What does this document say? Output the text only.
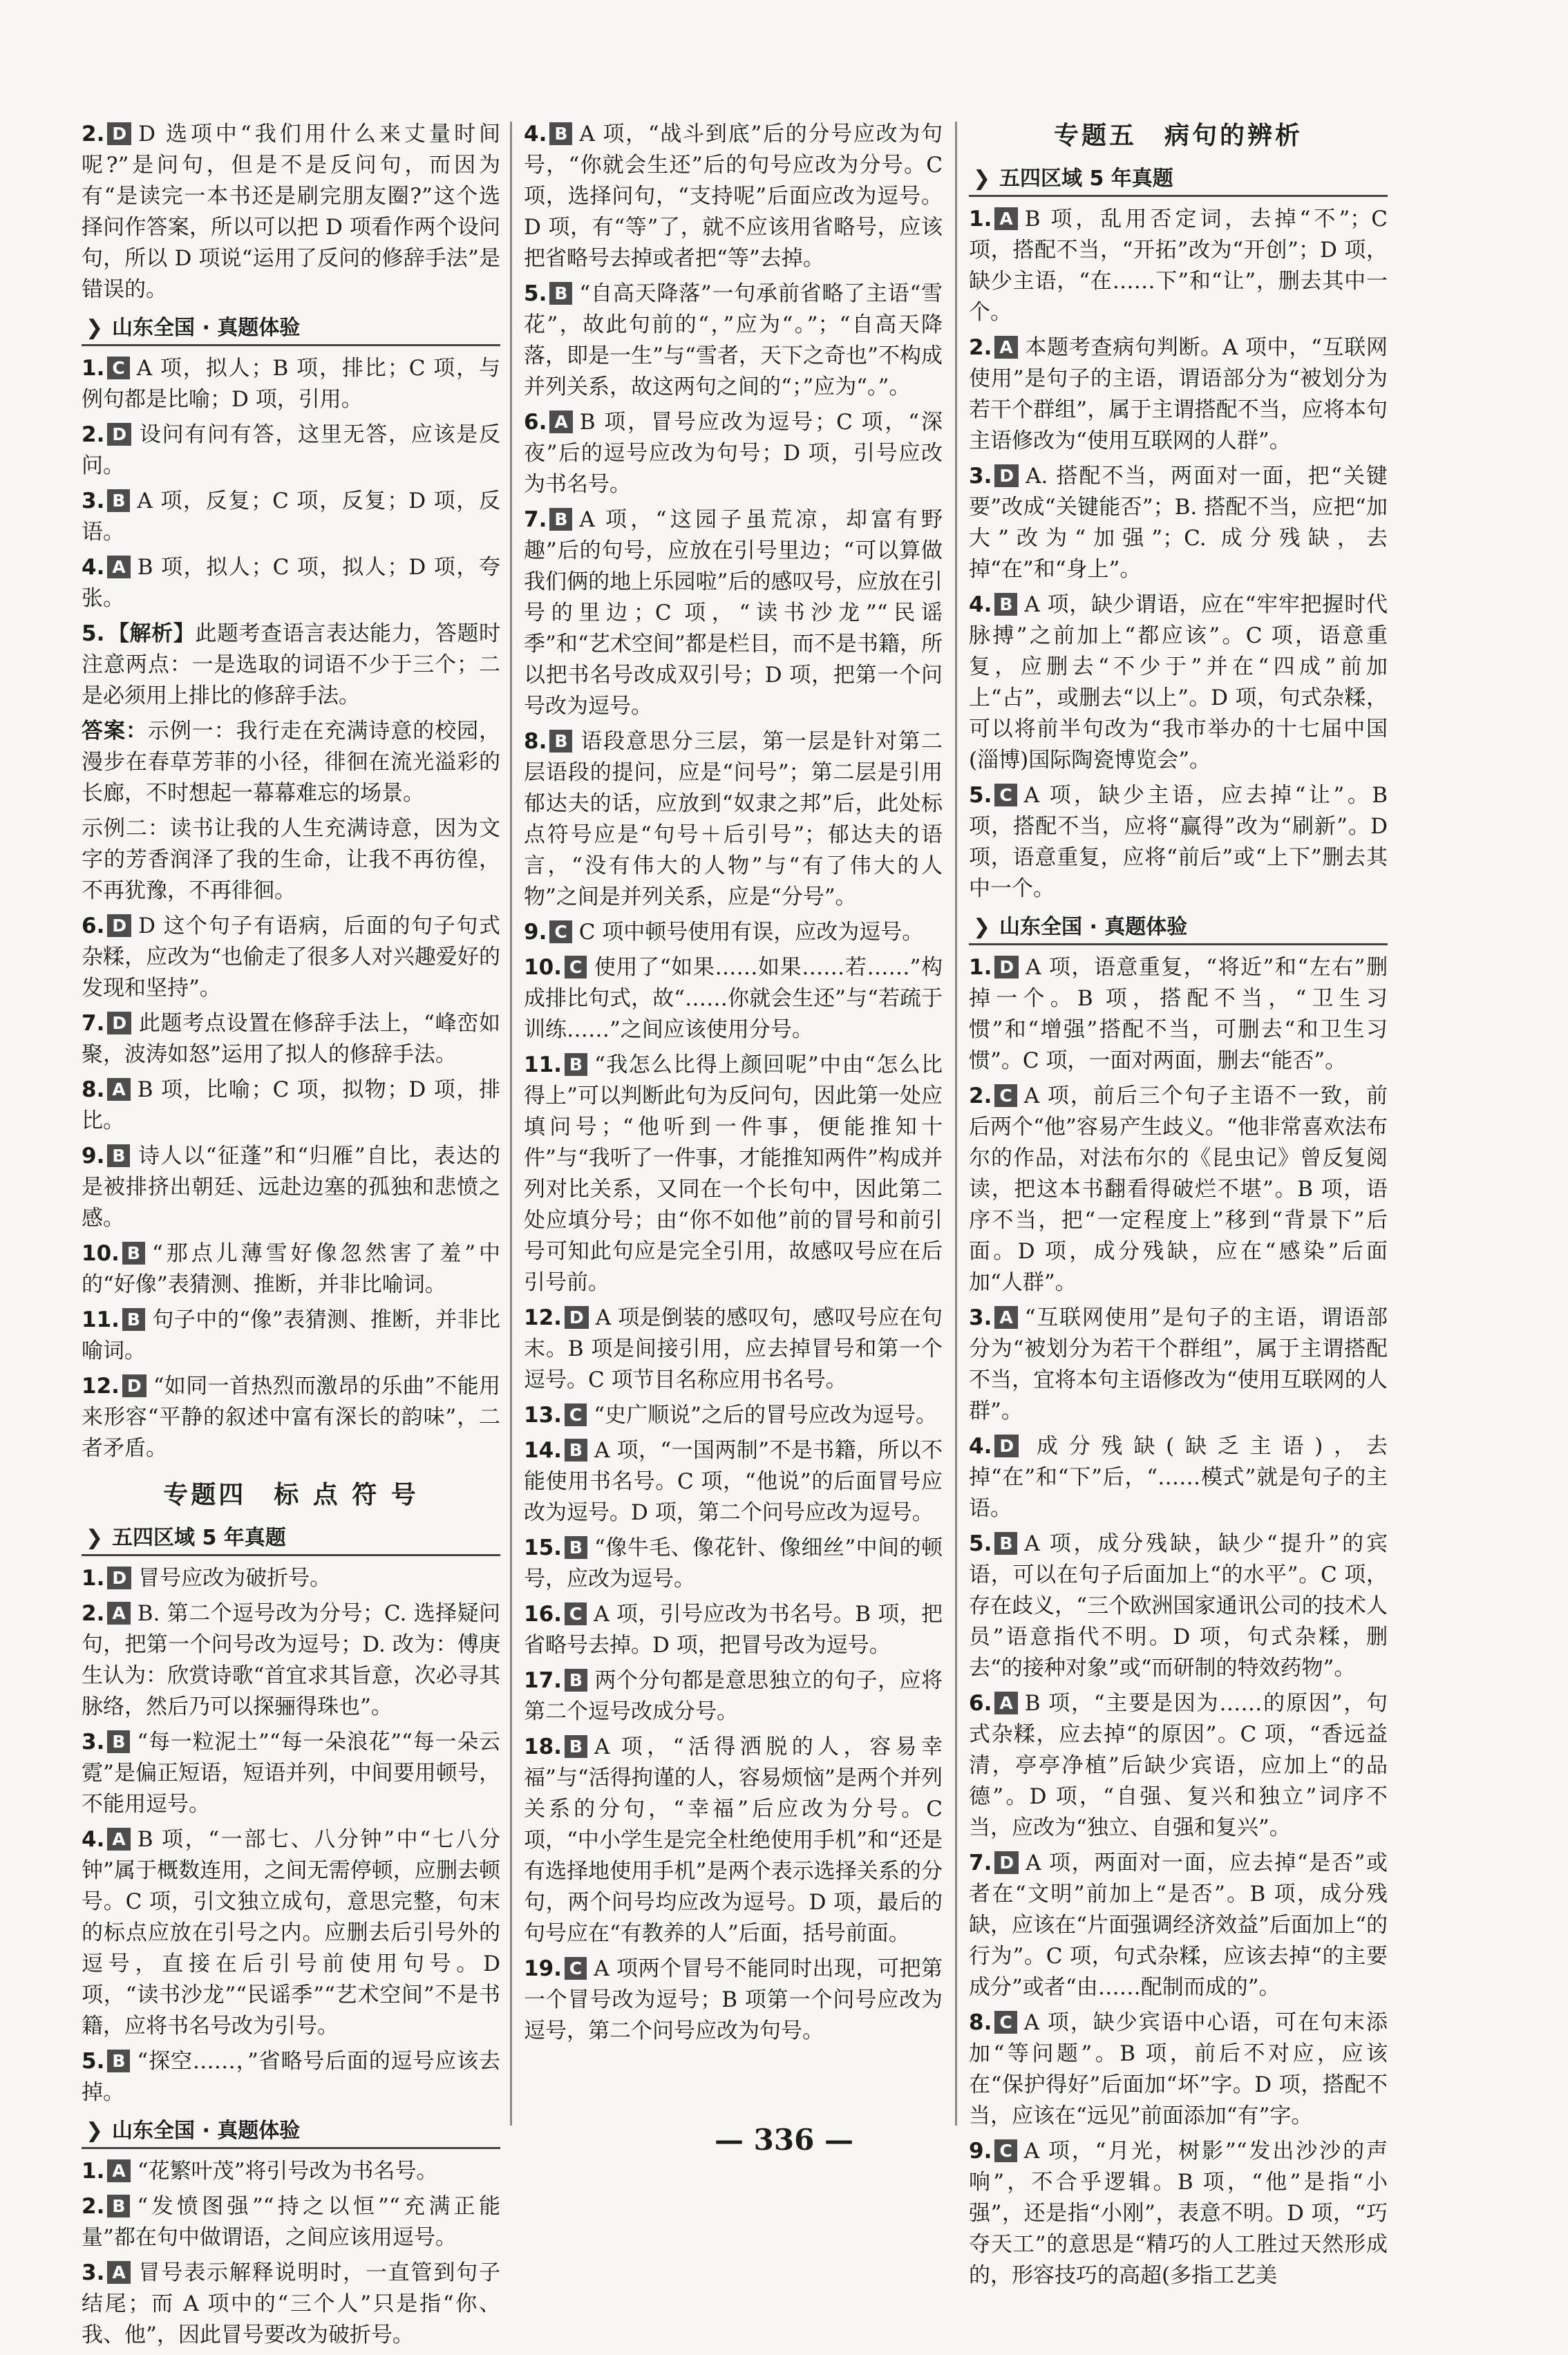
2. D D 选项中“我们用什么来丈量时间呢?”是问句，但是不是反问句，而因为有“是读完一本书还是刷完朋友圈?”这个选择问作答案，所以可以把 D 项看作两个设问句，所以 D 项说“运用了反问的修辞手法”是错误的。
❯ 山东全国 · 真题体验
1. C A 项，拟人；B 项，排比；C 项，与例句都是比喻；D 项，引用。
2. D 设问有问有答，这里无答，应该是反问。
3. B A 项，反复；C 项，反复；D 项，反语。
4. A B 项，拟人；C 项，拟人；D 项，夸张。
5. 【解析】此题考查语言表达能力，答题时注意两点：一是选取的词语不少于三个；二是必须用上排比的修辞手法。
答案：示例一：我行走在充满诗意的校园，漫步在春草芳菲的小径，徘徊在流光溢彩的长廊，不时想起一幕幕难忘的场景。
示例二：读书让我的人生充满诗意，因为文字的芳香润泽了我的生命，让我不再彷徨，不再犹豫，不再徘徊。
6. D D 这个句子有语病，后面的句子句式杂糅，应改为“也偷走了很多人对兴趣爱好的发现和坚持”。
7. D 此题考点设置在修辞手法上，“峰峦如聚，波涛如怒”运用了拟人的修辞手法。
8. A B 项，比喻；C 项，拟物；D 项，排比。
9. B 诗人以“征蓬”和“归雁”自比，表达的是被排挤出朝廷、远赴边塞的孤独和悲愤之感。
10. B “那点儿薄雪好像忽然害了羞”中的“好像”表猜测、推断，并非比喻词。
11. B 句子中的“像”表猜测、推断，并非比喻词。
12. D “如同一首热烈而激昂的乐曲”不能用来形容“平静的叙述中富有深长的韵味”，二者矛盾。
专题四　标 点 符 号
❯ 五四区域 5 年真题
1. D 冒号应改为破折号。
2. A B. 第二个逗号改为分号；C. 选择疑问句，把第一个问号改为逗号；D. 改为：傅庚生认为：欣赏诗歌“首宜求其旨意，次必寻其脉络，然后乃可以探骊得珠也”。
3. B “每一粒泥土”“每一朵浪花”“每一朵云霓”是偏正短语，短语并列，中间要用顿号，不能用逗号。
4. A B 项，“一部七、八分钟”中“七八分钟”属于概数连用，之间无需停顿，应删去顿号。C 项，引文独立成句，意思完整，句末的标点应放在引号之内。应删去后引号外的逗号，直接在后引号前使用句号。D 项，“读书沙龙”“民谣季”“艺术空间”不是书籍，应将书名号改为引号。
5. B “探空……，”省略号后面的逗号应该去掉。
❯ 山东全国 · 真题体验
1. A “花繁叶茂”将引号改为书名号。
2. B “发愤图强”“持之以恒”“充满正能量”都在句中做谓语，之间应该用逗号。
3. A 冒号表示解释说明时，一直管到句子结尾；而 A 项中的“三个人”只是指“你、我、他”，因此冒号要改为破折号。
4. B A 项，“战斗到底”后的分号应改为句号，“你就会生还”后的句号应改为分号。C 项，选择问句，“支持呢”后面应改为逗号。D 项，有“等”了，就不应该用省略号，应该把省略号去掉或者把“等”去掉。
5. B “自高天降落”一句承前省略了主语“雪花”，故此句前的“，”应为“。”；“自高天降落，即是一生”与“雪者，天下之奇也”不构成并列关系，故这两句之间的“；”应为“。”。
6. A B 项，冒号应改为逗号；C 项，“深夜”后的逗号应改为句号；D 项，引号应改为书名号。
7. B A 项，“这园子虽荒凉，却富有野趣”后的句号，应放在引号里边；“可以算做我们俩的地上乐园啦”后的感叹号，应放在引号的里边；C 项，“读书沙龙”“民谣季”和“艺术空间”都是栏目，而不是书籍，所以把书名号改成双引号；D 项，把第一个问号改为逗号。
8. B 语段意思分三层，第一层是针对第二层语段的提问，应是“问号”；第二层是引用郁达夫的话，应放到“奴隶之邦”后，此处标点符号应是“句号＋后引号”；郁达夫的语言，“没有伟大的人物”与“有了伟大的人物”之间是并列关系，应是“分号”。
9. C C 项中顿号使用有误，应改为逗号。
10. C 使用了“如果……如果……若……”构成排比句式，故“……你就会生还”与“若疏于训练……”之间应该使用分号。
11. B “我怎么比得上颜回呢”中由“怎么比得上”可以判断此句为反问句，因此第一处应填问号；“他听到一件事，便能推知十件”与“我听了一件事，才能推知两件”构成并列对比关系，又同在一个长句中，因此第二处应填分号；由“你不如他”前的冒号和前引号可知此句应是完全引用，故感叹号应在后引号前。
12. D A 项是倒装的感叹句，感叹号应在句末。B 项是间接引用，应去掉冒号和第一个逗号。C 项节目名称应用书名号。
13. C “史广顺说”之后的冒号应改为逗号。
14. B A 项，“一国两制”不是书籍，所以不能使用书名号。C 项，“他说”的后面冒号应改为逗号。D 项，第二个问号应改为逗号。
15. B “像牛毛、像花针、像细丝”中间的顿号，应改为逗号。
16. C A 项，引号应改为书名号。B 项，把省略号去掉。D 项，把冒号改为逗号。
17. B 两个分句都是意思独立的句子，应将第二个逗号改成分号。
18. B A 项，“活得洒脱的人，容易幸福”与“活得拘谨的人，容易烦恼”是两个并列关系的分句，“幸福”后应改为分号。C 项，“中小学生是完全杜绝使用手机”和“还是有选择地使用手机”是两个表示选择关系的分句，两个问号均应改为逗号。D 项，最后的句号应在“有教养的人”后面，括号前面。
19. C A 项两个冒号不能同时出现，可把第一个冒号改为逗号；B 项第一个问号应改为逗号，第二个问号应改为句号。
专题五　病句的辨析
❯ 五四区域 5 年真题
1. A B 项，乱用否定词，去掉“不”；C 项，搭配不当，“开拓”改为“开创”；D 项，缺少主语，“在……下”和“让”，删去其中一个。
2. A 本题考查病句判断。A 项中，“互联网使用”是句子的主语，谓语部分为“被划分为若干个群组”，属于主谓搭配不当，应将本句主语修改为“使用互联网的人群”。
3. D A. 搭配不当，两面对一面，把“关键要”改成“关键能否”；B. 搭配不当，应把“加大”改为“加强”；C. 成分残缺，去掉“在”和“身上”。
4. B A 项，缺少谓语，应在“牢牢把握时代脉搏”之前加上“都应该”。C 项，语意重复，应删去“不少于”并在“四成”前加上“占”，或删去“以上”。D 项，句式杂糅，可以将前半句改为“我市举办的十七届中国(淄博)国际陶瓷博览会”。
5. C A 项，缺少主语，应去掉“让”。B 项，搭配不当，应将“赢得”改为“刷新”。D 项，语意重复，应将“前后”或“上下”删去其中一个。
❯ 山东全国 · 真题体验
1. D A 项，语意重复，“将近”和“左右”删掉一个。B 项，搭配不当，“卫生习惯”和“增强”搭配不当，可删去“和卫生习惯”。C 项，一面对两面，删去“能否”。
2. C A 项，前后三个句子主语不一致，前后两个“他”容易产生歧义。“他非常喜欢法布尔的作品，对法布尔的《昆虫记》曾反复阅读，把这本书翻看得破烂不堪”。B 项，语序不当，把“一定程度上”移到“背景下”后面。D 项，成分残缺，应在“感染”后面加“人群”。
3. A “互联网使用”是句子的主语，谓语部分为“被划分为若干个群组”，属于主谓搭配不当，宜将本句主语修改为“使用互联网的人群”。
4. D 成分残缺(缺乏主语)，去掉“在”和“下”后，“……模式”就是句子的主语。
5. B A 项，成分残缺，缺少“提升”的宾语，可以在句子后面加上“的水平”。C 项，存在歧义，“三个欧洲国家通讯公司的技术人员”语意指代不明。D 项，句式杂糅，删去“的接种对象”或“而研制的特效药物”。
6. A B 项，“主要是因为……的原因”，句式杂糅，应去掉“的原因”。C 项，“香远益清，亭亭净植”后缺少宾语，应加上“的品德”。D 项，“自强、复兴和独立”词序不当，应改为“独立、自强和复兴”。
7. D A 项，两面对一面，应去掉“是否”或者在“文明”前加上“是否”。B 项，成分残缺，应该在“片面强调经济效益”后面加上“的行为”。C 项，句式杂糅，应该去掉“的主要成分”或者“由……配制而成的”。
8. C A 项，缺少宾语中心语，可在句末添加“等问题”。B 项，前后不对应，应该在“保护得好”后面加“坏”字。D 项，搭配不当，应该在“远见”前面添加“有”字。
9. C A 项，“月光，树影”“发出沙沙的声响”，不合乎逻辑。B 项，“他”是指“小强”，还是指“小刚”，表意不明。D 项，“巧夺天工”的意思是“精巧的人工胜过天然形成的，形容技巧的高超(多指工艺美
— 336 —
